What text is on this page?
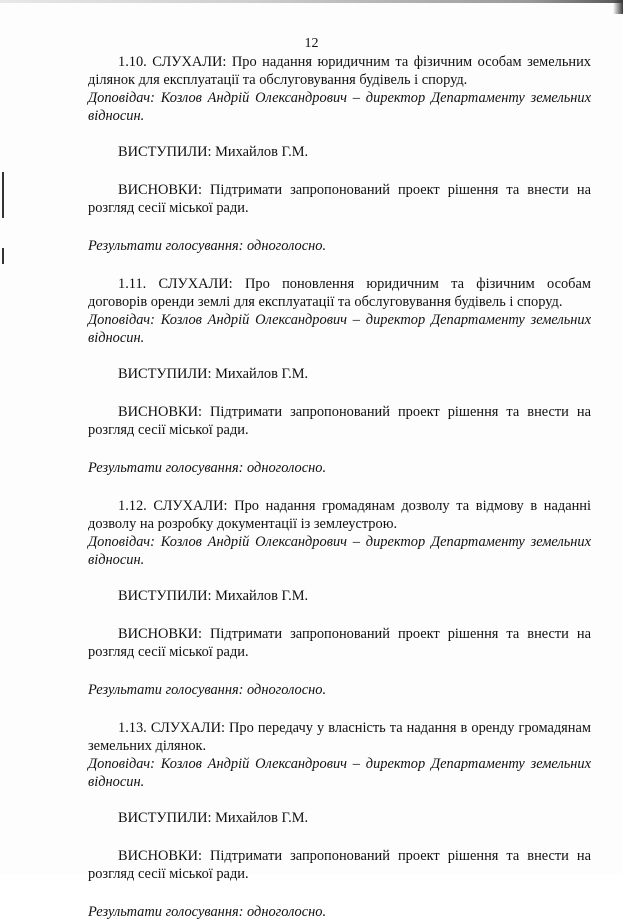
12

1.10. СЛУХАЛИ: Про надання юридичним та фізичним особам земельних ділянок для експлуатації та обслуговування будівель і споруд.

Доповідач: Козлов Андрій Олександрович – директор Департаменту земельних відносин.

ВИСТУПИЛИ: Михайлов Г.М.

ВИСНОВКИ: Підтримати запропонований проект рішення та внести на розгляд сесії міської ради.

Результати голосування: одноголосно.

1.11. СЛУХАЛИ: Про поновлення юридичним та фізичним особам договорів оренди землі для експлуатації та обслуговування будівель і споруд.

Доповідач: Козлов Андрій Олександрович – директор Департаменту земельних відносин.

ВИСТУПИЛИ: Михайлов Г.М.

ВИСНОВКИ: Підтримати запропонований проект рішення та внести на розгляд сесії міської ради.

Результати голосування: одноголосно.

1.12. СЛУХАЛИ: Про надання громадянам дозволу та відмову в наданні дозволу на розробку документації із землеустрою.

Доповідач: Козлов Андрій Олександрович – директор Департаменту земельних відносин.

ВИСТУПИЛИ: Михайлов Г.М.

ВИСНОВКИ: Підтримати запропонований проект рішення та внести на розгляд сесії міської ради.

Результати голосування: одноголосно.

1.13. СЛУХАЛИ: Про передачу у власність та надання в оренду громадянам земельних ділянок.

Доповідач: Козлов Андрій Олександрович – директор Департаменту земельних відносин.

ВИСТУПИЛИ: Михайлов Г.М.

ВИСНОВКИ: Підтримати запропонований проект рішення та внести на розгляд сесії міської ради.

Результати голосування: одноголосно.
